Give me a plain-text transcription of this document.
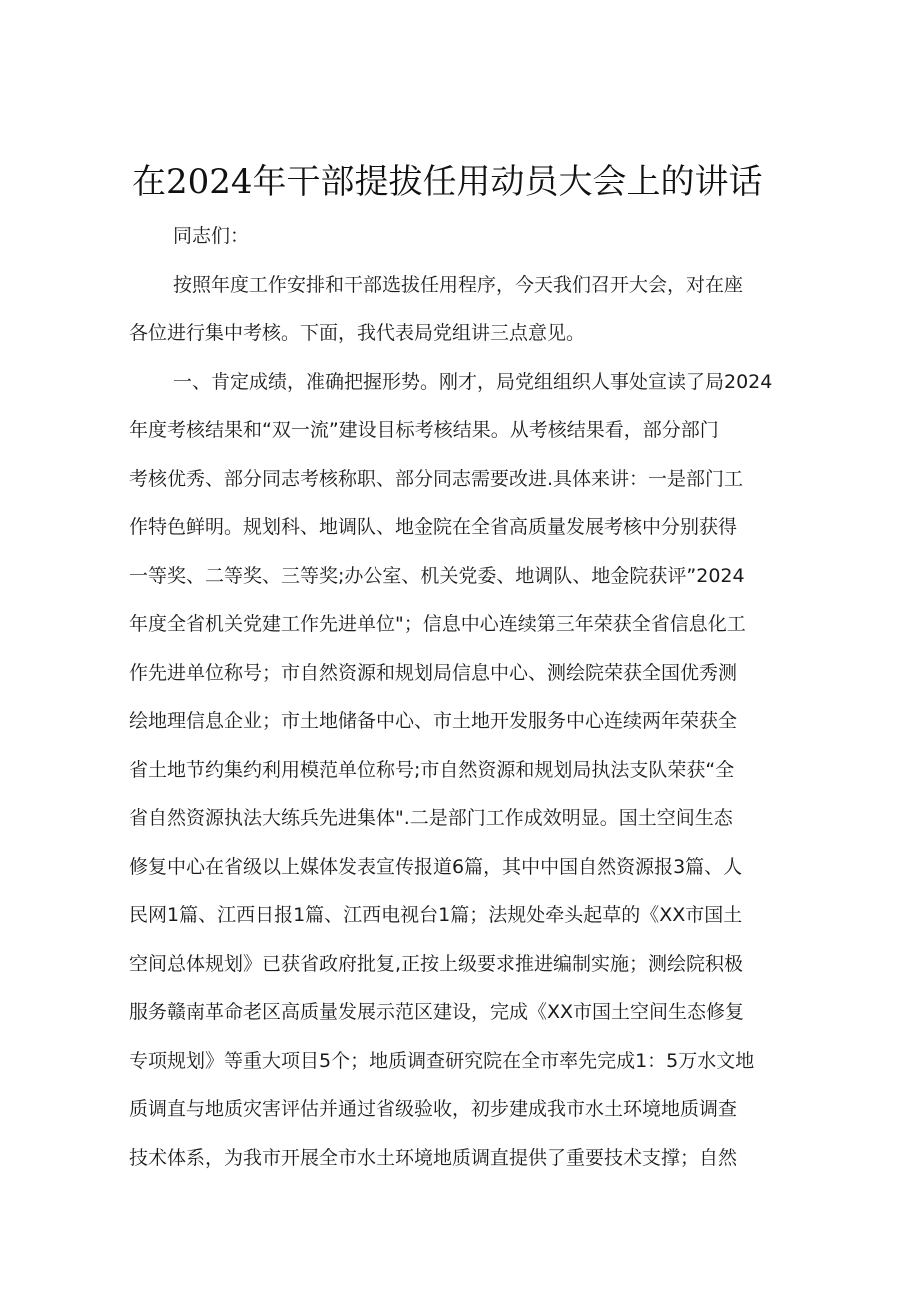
在2024年干部提拔任用动员大会上的讲话
同志们：
按照年度工作安排和干部选拔任用程序，今天我们召开大会，对在座
各位进行集中考核。下面，我代表局党组讲三点意见。
一、肯定成绩，准确把握形势。刚才，局党组组织人事处宣读了局2024
年度考核结果和“双一流”建设目标考核结果。从考核结果看，部分部门
考核优秀、部分同志考核称职、部分同志需要改进.具体来讲：一是部门工
作特色鲜明。规划科、地调队、地金院在全省高质量发展考核中分别获得
一等奖、二等奖、三等奖;办公室、机关党委、地调队、地金院获评”2024
年度全省机关党建工作先进单位"；信息中心连续第三年荣获全省信息化工
作先进单位称号；市自然资源和规划局信息中心、测绘院荣获全国优秀测
绘地理信息企业；市土地储备中心、市土地开发服务中心连续两年荣获全
省土地节约集约利用模范单位称号;市自然资源和规划局执法支队荣获“全
省自然资源执法大练兵先进集体".二是部门工作成效明显。国土空间生态
修复中心在省级以上媒体发表宣传报道6篇，其中中国自然资源报3篇、人
民网1篇、江西日报1篇、江西电视台1篇；法规处牵头起草的《XX市国土
空间总体规划》已获省政府批复,正按上级要求推进编制实施；测绘院积极
服务赣南革命老区高质量发展示范区建设，完成《XX市国土空间生态修复
专项规划》等重大项目5个；地质调查研究院在全市率先完成1：5万水文地
质调直与地质灾害评估并通过省级验收，初步建成我市水土环境地质调查
技术体系，为我市开展全市水土环境地质调直提供了重要技术支撑；自然
